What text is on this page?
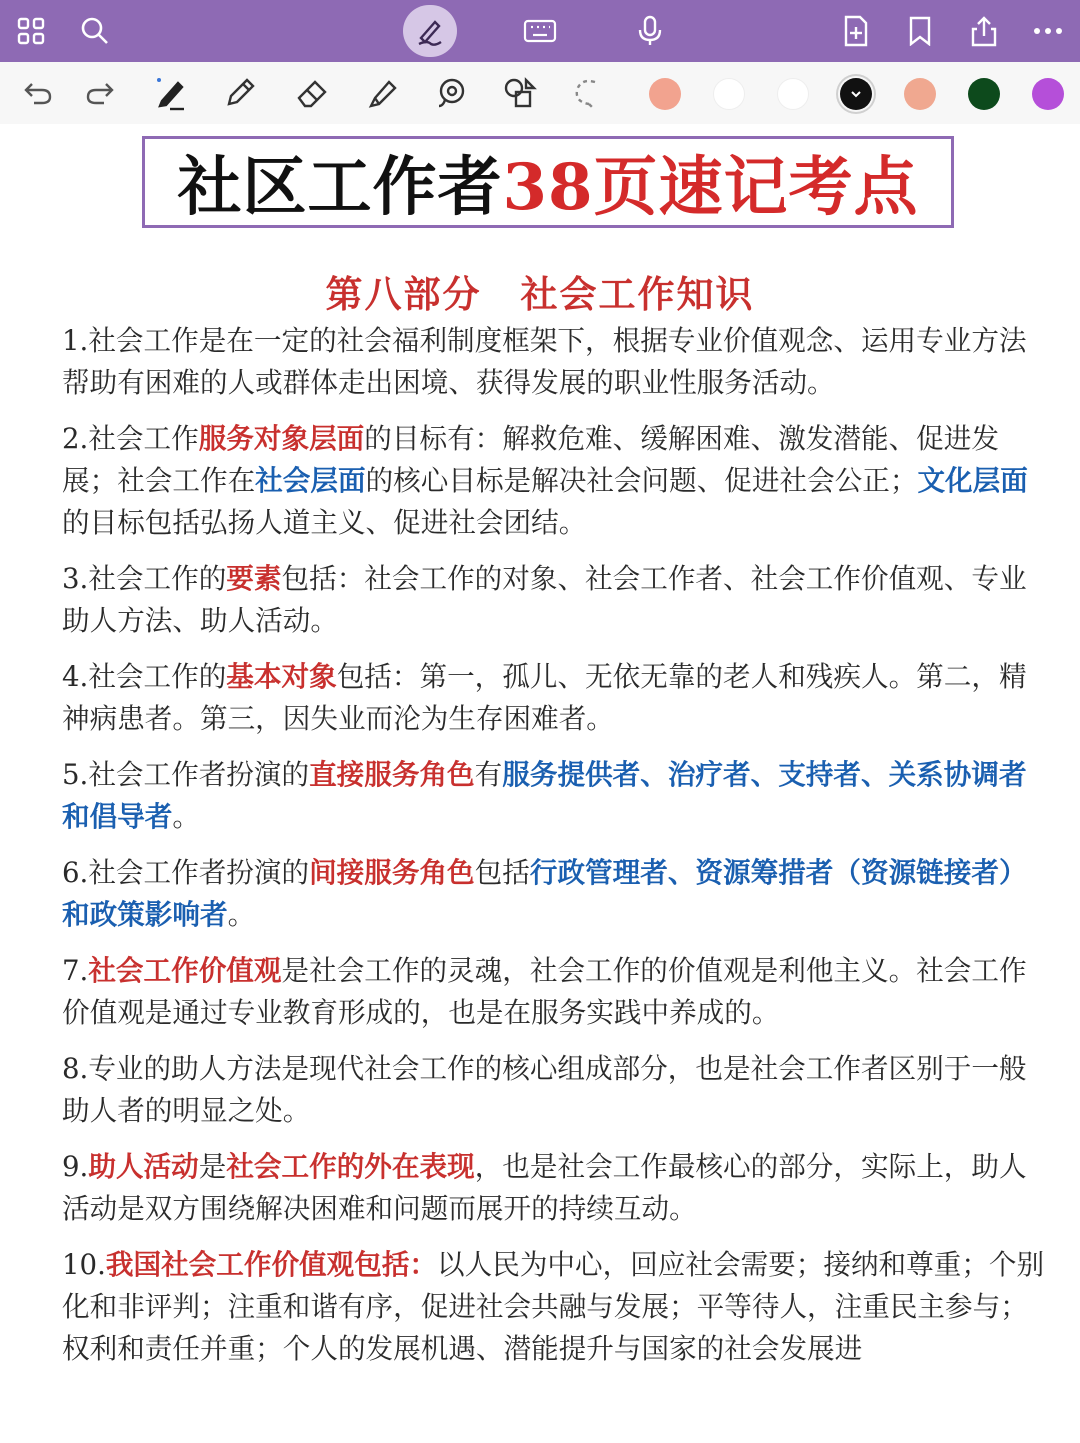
社区工作者 38页速记考点
第八部分　社会工作知识
1.社会工作是在一定的社会福利制度框架下，根据专业价值观念、运用专业方法帮助有困难的人或群体走出困境、获得发展的职业性服务活动。
2.社会工作服务对象层面的目标有：解救危难、缓解困难、激发潜能、促进发展；社会工作在社会层面的核心目标是解决社会问题、促进社会公正；文化层面的目标包括弘扬人道主义、促进社会团结。
3.社会工作的要素包括：社会工作的对象、社会工作者、社会工作价值观、专业助人方法、助人活动。
4.社会工作的基本对象包括：第一，孤儿、无依无靠的老人和残疾人。第二，精神病患者。第三，因失业而沦为生存困难者。
5.社会工作者扮演的直接服务角色有服务提供者、治疗者、支持者、关系协调者和倡导者。
6.社会工作者扮演的间接服务角色包括行政管理者、资源筹措者（资源链接者）和政策影响者。
7.社会工作价值观是社会工作的灵魂，社会工作的价值观是利他主义。社会工作价值观是通过专业教育形成的，也是在服务实践中养成的。
8.专业的助人方法是现代社会工作的核心组成部分，也是社会工作者区别于一般助人者的明显之处。
9.助人活动是社会工作的外在表现，也是社会工作最核心的部分，实际上，助人活动是双方围绕解决困难和问题而展开的持续互动。
10.我国社会工作价值观包括：以人民为中心，回应社会需要；接纳和尊重；个别化和非评判；注重和谐有序，促进社会共融与发展；平等待人，注重民主参与；权利和责任并重；个人的发展机遇、潜能提升与国家的社会发展进
